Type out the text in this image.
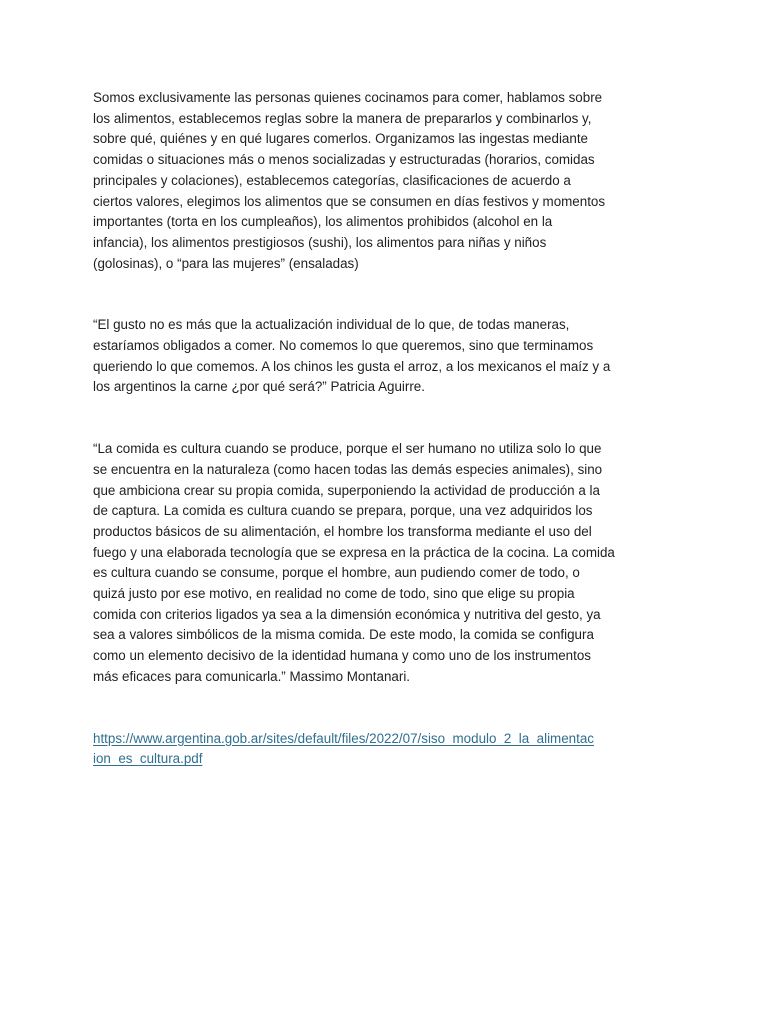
Somos exclusivamente las personas quienes cocinamos para comer, hablamos sobre
los alimentos, establecemos reglas sobre la manera de prepararlos y combinarlos y,
sobre qué, quiénes y en qué lugares comerlos. Organizamos las ingestas mediante
comidas o situaciones más o menos socializadas y estructuradas (horarios, comidas
principales y colaciones), establecemos categorías, clasificaciones de acuerdo a
ciertos valores, elegimos los alimentos que se consumen en días festivos y momentos
importantes (torta en los cumpleaños), los alimentos prohibidos (alcohol en la
infancia), los alimentos prestigiosos (sushi), los alimentos para niñas y niños
(golosinas), o “para las mujeres” (ensaladas)
“El gusto no es más que la actualización individual de lo que, de todas maneras,
estaríamos obligados a comer. No comemos lo que queremos, sino que terminamos
queriendo lo que comemos. A los chinos les gusta el arroz, a los mexicanos el maíz y a
los argentinos la carne ¿por qué será?” Patricia Aguirre.
“La comida es cultura cuando se produce, porque el ser humano no utiliza solo lo que
se encuentra en la naturaleza (como hacen todas las demás especies animales), sino
que ambiciona crear su propia comida, superponiendo la actividad de producción a la
de captura. La comida es cultura cuando se prepara, porque, una vez adquiridos los
productos básicos de su alimentación, el hombre los transforma mediante el uso del
fuego y una elaborada tecnología que se expresa en la práctica de la cocina. La comida
es cultura cuando se consume, porque el hombre, aun pudiendo comer de todo, o
quizá justo por ese motivo, en realidad no come de todo, sino que elige su propia
comida con criterios ligados ya sea a la dimensión económica y nutritiva del gesto, ya
sea a valores simbólicos de la misma comida. De este modo, la comida se configura
como un elemento decisivo de la identidad humana y como uno de los instrumentos
más eficaces para comunicarla.” Massimo Montanari.
https://www.argentina.gob.ar/sites/default/files/2022/07/siso_modulo_2_la_alimentac
ion_es_cultura.pdf
